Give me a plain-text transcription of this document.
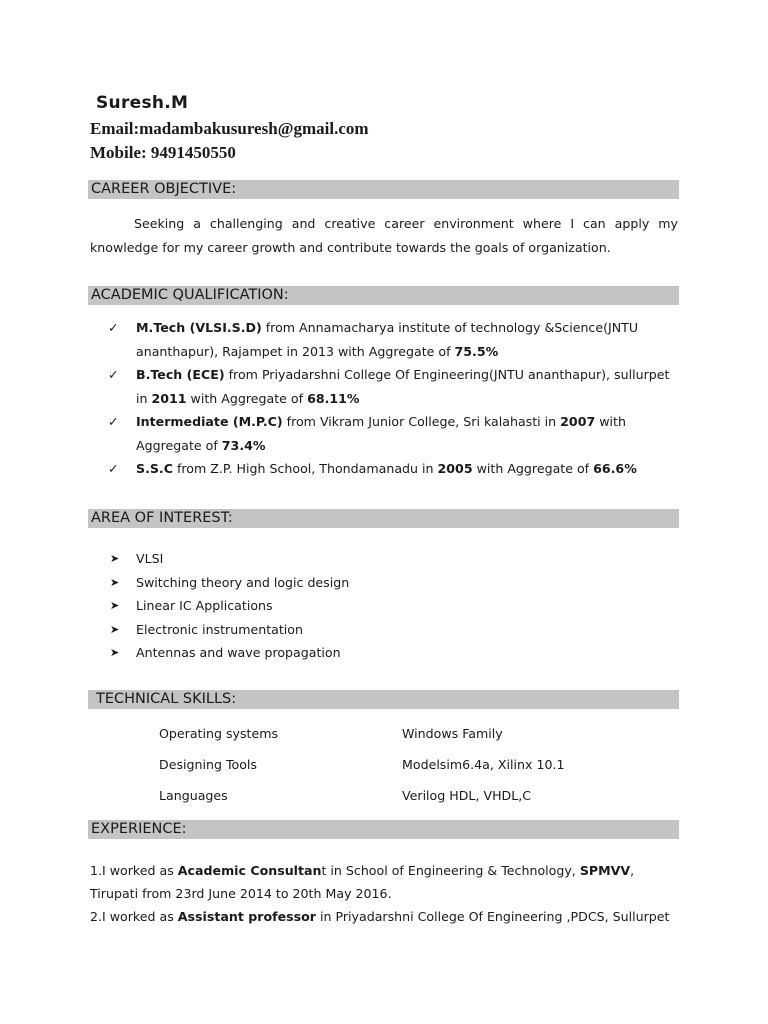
Suresh.M
Email:madambakusuresh@gmail.com
Mobile: 9491450550
CAREER OBJECTIVE:
Seeking a challenging and creative career environment where I can apply my
knowledge for my career growth and contribute towards the goals of organization.
ACADEMIC QUALIFICATION:
✓ M.Tech (VLSI.S.D) from Annamacharya institute of technology &Science(JNTU
ananthapur), Rajampet in 2013 with Aggregate of 75.5%
✓ B.Tech (ECE) from Priyadarshni College Of Engineering(JNTU ananthapur), sullurpet
in 2011 with Aggregate of 68.11%
✓ Intermediate (M.P.C) from Vikram Junior College, Sri kalahasti in 2007 with
Aggregate of 73.4%
✓ S.S.C from Z.P. High School, Thondamanadu in 2005 with Aggregate of 66.6%
AREA OF INTEREST:
➤ VLSI
➤ Switching theory and logic design
➤ Linear IC Applications
➤ Electronic instrumentation
➤ Antennas and wave propagation
TECHNICAL SKILLS:
Operating systems	Windows Family
Designing Tools	Modelsim6.4a, Xilinx 10.1
Languages	Verilog HDL, VHDL,C
EXPERIENCE:
1.I worked as Academic Consultant in School of Engineering & Technology, SPMVV,
Tirupati from 23rd June 2014 to 20th May 2016.
2.I worked as Assistant professor in Priyadarshni College Of Engineering ,PDCS, Sullurpet
